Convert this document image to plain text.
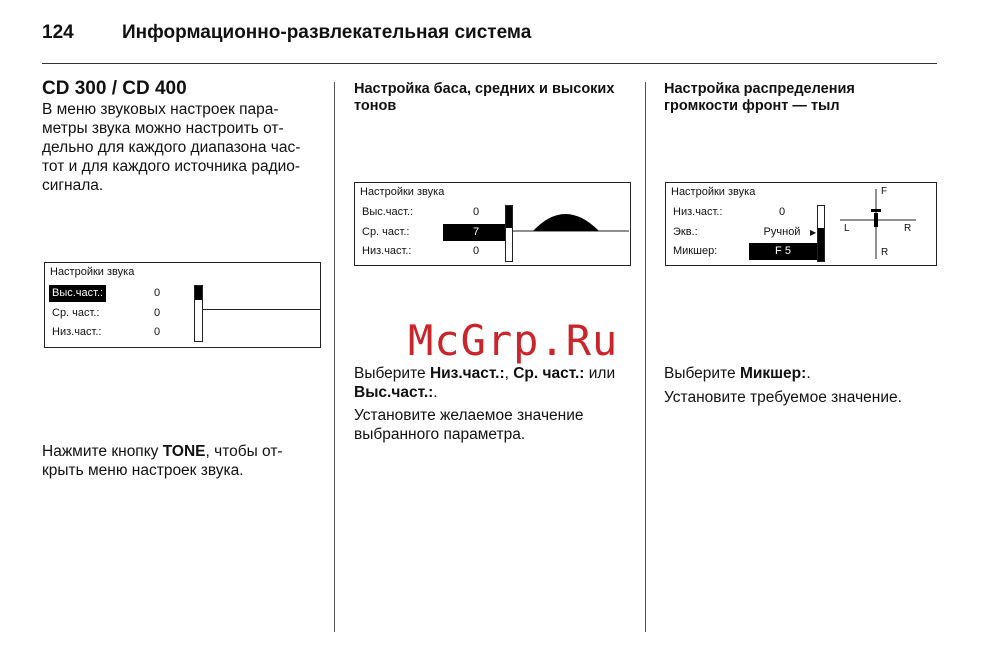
124	Информационно-развлекательная система
CD 300 / CD 400

В меню звуковых настроек пара-
метры звука можно настроить от-
дельно для каждого диапазона час-
тот и для каждого источника радио-
сигнала.

Настройки звука
Выс.част.:	0
Ср. част.:	0
Низ.част.:	0

Нажмите кнопку TONE, чтобы от-
крыть меню настроек звука.

Настройка баса, средних и высоких
тонов
Настройки звука
Выс.част.:	0
Ср. част.:	7
Низ.част.:	0
McGrp.Ru

Выберите Низ.част.:, Ср. част.: или
Выс.част.:.

Установите желаемое значение
выбранного параметра.

Настройка распределения
громкости фронт — тыл
Настройки звука
Низ.част.:	0
Экв.:	Ручной	▶
Микшер:	F 5
F
L	R
R

Выберите Микшер:.

Установите требуемое значение.
